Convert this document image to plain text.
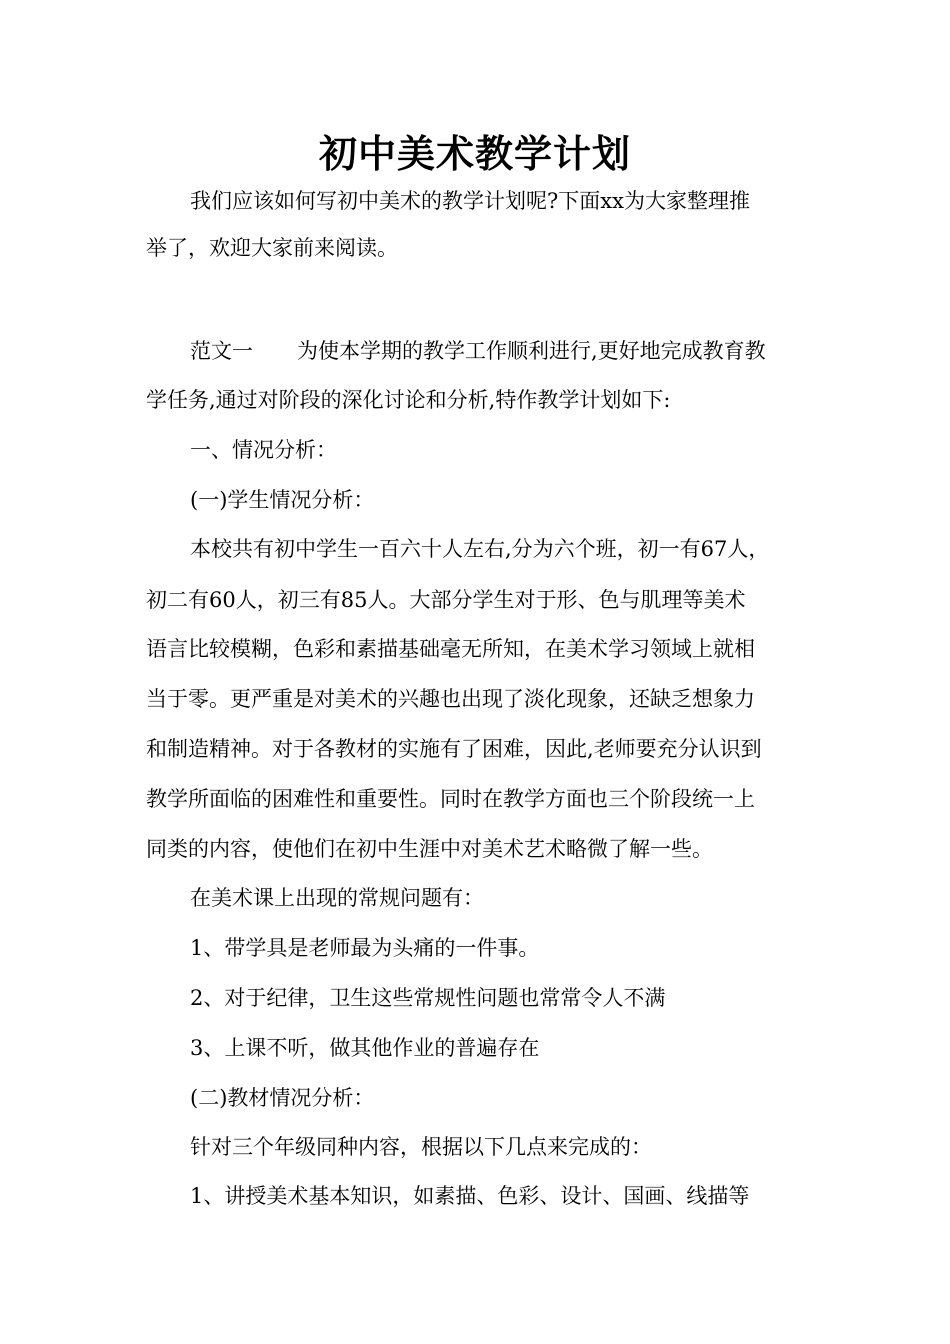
初中美术教学计划
我们应该如何写初中美术的教学计划呢?下面xx为大家整理推
举了，欢迎大家前来阅读。
范文一 为使本学期的教学工作顺利进行,更好地完成教育教
学任务,通过对阶段的深化讨论和分析,特作教学计划如下:
一、情况分析：
(一)学生情况分析：
本校共有初中学生一百六十人左右,分为六个班，初一有67人，
初二有60人，初三有85人。大部分学生对于形、色与肌理等美术
语言比较模糊，色彩和素描基础毫无所知，在美术学习领域上就相
当于零。更严重是对美术的兴趣也出现了淡化现象，还缺乏想象力
和制造精神。对于各教材的实施有了困难，因此,老师要充分认识到
教学所面临的困难性和重要性。同时在教学方面也三个阶段统一上
同类的内容，使他们在初中生涯中对美术艺术略微了解一些。
在美术课上出现的常规问题有：
1、带学具是老师最为头痛的一件事。
2、对于纪律，卫生这些常规性问题也常常令人不满
3、上课不听，做其他作业的普遍存在
(二)教材情况分析：
针对三个年级同种内容，根据以下几点来完成的：
1、讲授美术基本知识，如素描、色彩、设计、国画、线描等
